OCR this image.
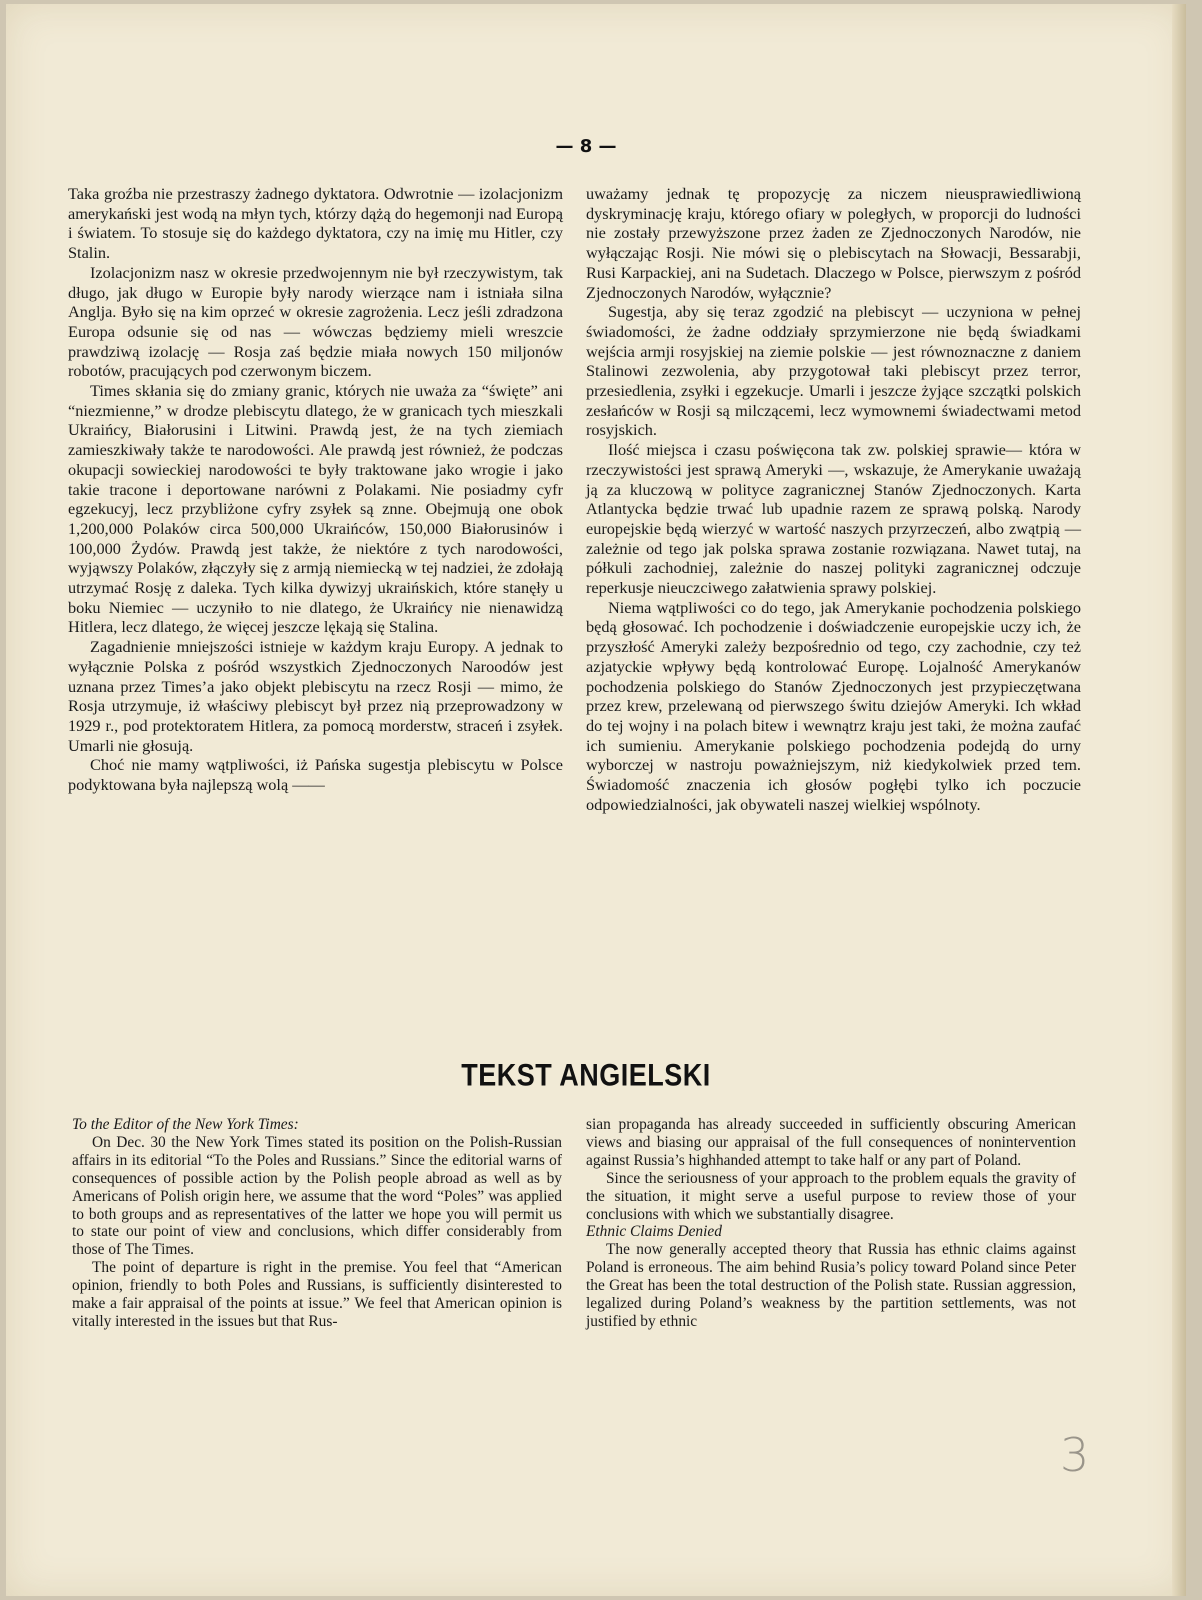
— 8 —

Taka groźba nie przestraszy żadnego dyktatora. Odwrotnie — izolacjonizm amerykański jest wodą na młyn tych, którzy dążą do hegemonji nad Europą i światem. To stosuje się do każdego dyktatora, czy na imię mu Hitler, czy Stalin.

Izolacjonizm nasz w okresie przedwojennym nie był rzeczywistym, tak długo, jak długo w Europie były narody wierzące nam i istniała silna Anglja. Było się na kim oprzeć w okresie zagrożenia. Lecz jeśli zdradzona Europa odsunie się od nas — wówczas będziemy mieli wreszcie prawdziwą izolację — Rosja zaś będzie miała nowych 150 miljonów robotów, pracujących pod czerwonym biczem.

Times skłania się do zmiany granic, których nie uważa za “święte” ani “niezmienne,” w drodze plebiscytu dlatego, że w granicach tych mieszkali Ukraińcy, Białorusini i Litwini. Prawdą jest, że na tych ziemiach zamieszkiwały także te narodowości. Ale prawdą jest również, że podczas okupacji sowieckiej narodowości te były traktowane jako wrogie i jako takie tracone i deportowane narówni z Polakami. Nie posiadmy cyfr egzekucyj, lecz przybliżone cyfry zsyłek są znne. Obejmują one obok 1,200,000 Polaków circa 500,000 Ukraińców, 150,000 Białorusinów i 100,000 Żydów. Prawdą jest także, że niektóre z tych narodowości, wyjąwszy Polaków, złączyły się z armją niemiecką w tej nadziei, że zdołają utrzymać Rosję z daleka. Tych kilka dywizyj ukraińskich, które stanęły u boku Niemiec — uczyniło to nie dlatego, że Ukraińcy nie nienawidzą Hitlera, lecz dlatego, że więcej jeszcze lękają się Stalina.

Zagadnienie mniejszości istnieje w każdym kraju Europy. A jednak to wyłącznie Polska z pośród wszystkich Zjednoczonych Naroodów jest uznana przez Times’a jako objekt plebiscytu na rzecz Rosji — mimo, że Rosja utrzymuje, iż właściwy plebiscyt był przez nią przeprowadzony w 1929 r., pod protektoratem Hitlera, za pomocą morderstw, straceń i zsyłek. Umarli nie głosują.

Choć nie mamy wątpliwości, iż Pańska sugestja plebiscytu w Polsce podyktowana była najlepszą wolą ——

uważamy jednak tę propozycję za niczem nieusprawiedliwioną dyskryminację kraju, którego ofiary w poległych, w proporcji do ludności nie zostały przewyższone przez żaden ze Zjednoczonych Narodów, nie wyłączając Rosji. Nie mówi się o plebiscytach na Słowacji, Bessarabji, Rusi Karpackiej, ani na Sudetach. Dlaczego w Polsce, pierwszym z pośród Zjednoczonych Narodów, wyłącznie?

Sugestja, aby się teraz zgodzić na plebiscyt — uczyniona w pełnej świadomości, że żadne oddziały sprzymierzone nie będą świadkami wejścia armji rosyjskiej na ziemie polskie — jest równoznaczne z daniem Stalinowi zezwolenia, aby przygotował taki plebiscyt przez terror, przesiedlenia, zsyłki i egzekucje. Umarli i jeszcze żyjące szczątki polskich zesłańców w Rosji są milczącemi, lecz wymownemi świadectwami metod rosyjskich.

Ilość miejsca i czasu poświęcona tak zw. polskiej sprawie— która w rzeczywistości jest sprawą Ameryki —, wskazuje, że Amerykanie uważają ją za kluczową w polityce zagranicznej Stanów Zjednoczonych. Karta Atlantycka będzie trwać lub upadnie razem ze sprawą polską. Narody europejskie będą wierzyć w wartość naszych przyrzeczeń, albo zwątpią — zależnie od tego jak polska sprawa zostanie rozwiązana. Nawet tutaj, na półkuli zachodniej, zależnie do naszej polityki zagranicznej odczuje reperkusje nieuczciwego załatwienia sprawy polskiej.

Niema wątpliwości co do tego, jak Amerykanie pochodzenia polskiego będą głosować. Ich pochodzenie i doświadczenie europejskie uczy ich, że przyszłość Ameryki zależy bezpośrednio od tego, czy zachodnie, czy też azjatyckie wpływy będą kontrolować Europę. Lojalność Amerykanów pochodzenia polskiego do Stanów Zjednoczonych jest przypieczętwana przez krew, przelewaną od pierwszego świtu dziejów Ameryki. Ich wkład do tej wojny i na polach bitew i wewnątrz kraju jest taki, że można zaufać ich sumieniu. Amerykanie polskiego pochodzenia podejdą do urny wyborczej w nastroju poważniejszym, niż kiedykolwiek przed tem. Świadomość znaczenia ich głosów pogłębi tylko ich poczucie odpowiedzialności, jak obywateli naszej wielkiej wspólnoty.

TEKST ANGIELSKI

To the Editor of the New York Times:

On Dec. 30 the New York Times stated its position on the Polish-Russian affairs in its editorial “To the Poles and Russians.” Since the editorial warns of consequences of possible action by the Polish people abroad as well as by Americans of Polish origin here, we assume that the word “Poles” was applied to both groups and as representatives of the latter we hope you will permit us to state our point of view and conclusions, which differ considerably from those of The Times.

The point of departure is right in the premise. You feel that “American opinion, friendly to both Poles and Russians, is sufficiently disinterested to make a fair appraisal of the points at issue.” We feel that American opinion is vitally interested in the issues but that Rus-

sian propaganda has already succeeded in sufficiently obscuring American views and biasing our appraisal of the full consequences of nonintervention against Russia’s highhanded attempt to take half or any part of Poland.

Since the seriousness of your approach to the problem equals the gravity of the situation, it might serve a useful purpose to review those of your conclusions with which we substantially disagree.

Ethnic Claims Denied

The now generally accepted theory that Russia has ethnic claims against Poland is erroneous. The aim behind Rusia’s policy toward Poland since Peter the Great has been the total destruction of the Polish state. Russian aggression, legalized during Poland’s weakness by the partition settlements, was not justified by ethnic

3
